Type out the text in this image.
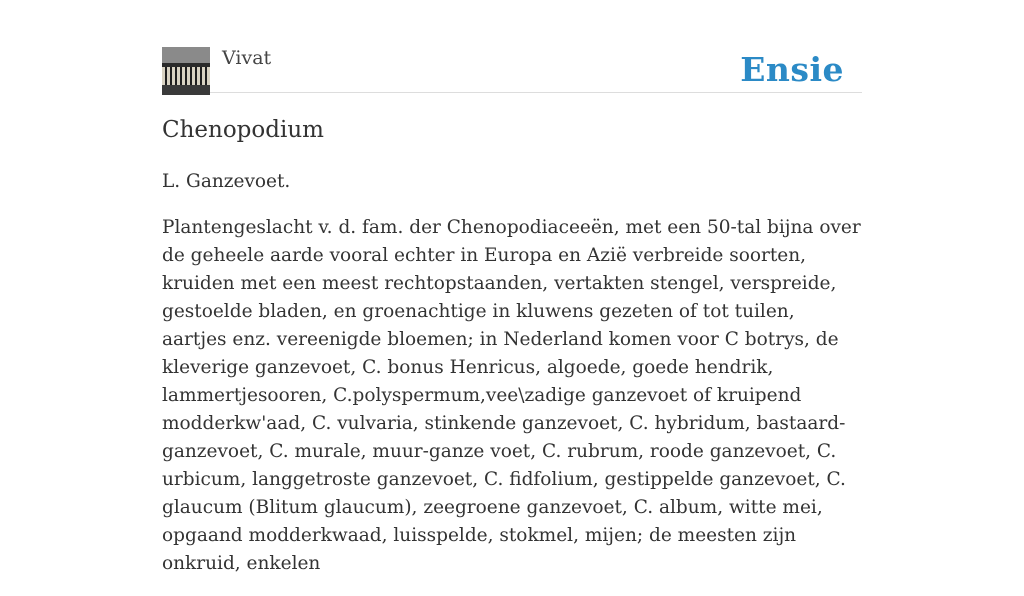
Vivat	Ensie
Chenopodium

L. Ganzevoet.

Plantengeslacht v. d. fam. der Chenopodiaceeën, met een 50-tal bijna over de geheele aarde vooral echter in Europa en Azië verbreide soorten, kruiden met een meest rechtopstaanden, vertakten stengel, verspreide, gestoelde bladen, en groenachtige in kluwens gezeten of tot tuilen, aartjes enz. vereenigde bloemen; in Nederland komen voor C botrys, de kleverige ganzevoet, C. bonus Henricus, algoede, goede hendrik, lammertjesooren, C.polyspermum,vee\zadige ganzevoet of kruipend modderkw'aad, C. vulvaria, stinkende ganzevoet, C. hybridum, bastaard-ganzevoet, C. murale, muur-ganze voet, C. rubrum, roode ganzevoet, C. urbicum, langgetroste ganzevoet, C. fidfolium, gestippelde ganzevoet, C. glaucum (Blitum glaucum), zeegroene ganzevoet, C. album, witte mei, opgaand modderkwaad, luisspelde, stokmel, mijen; de meesten zijn onkruid, enkelen
